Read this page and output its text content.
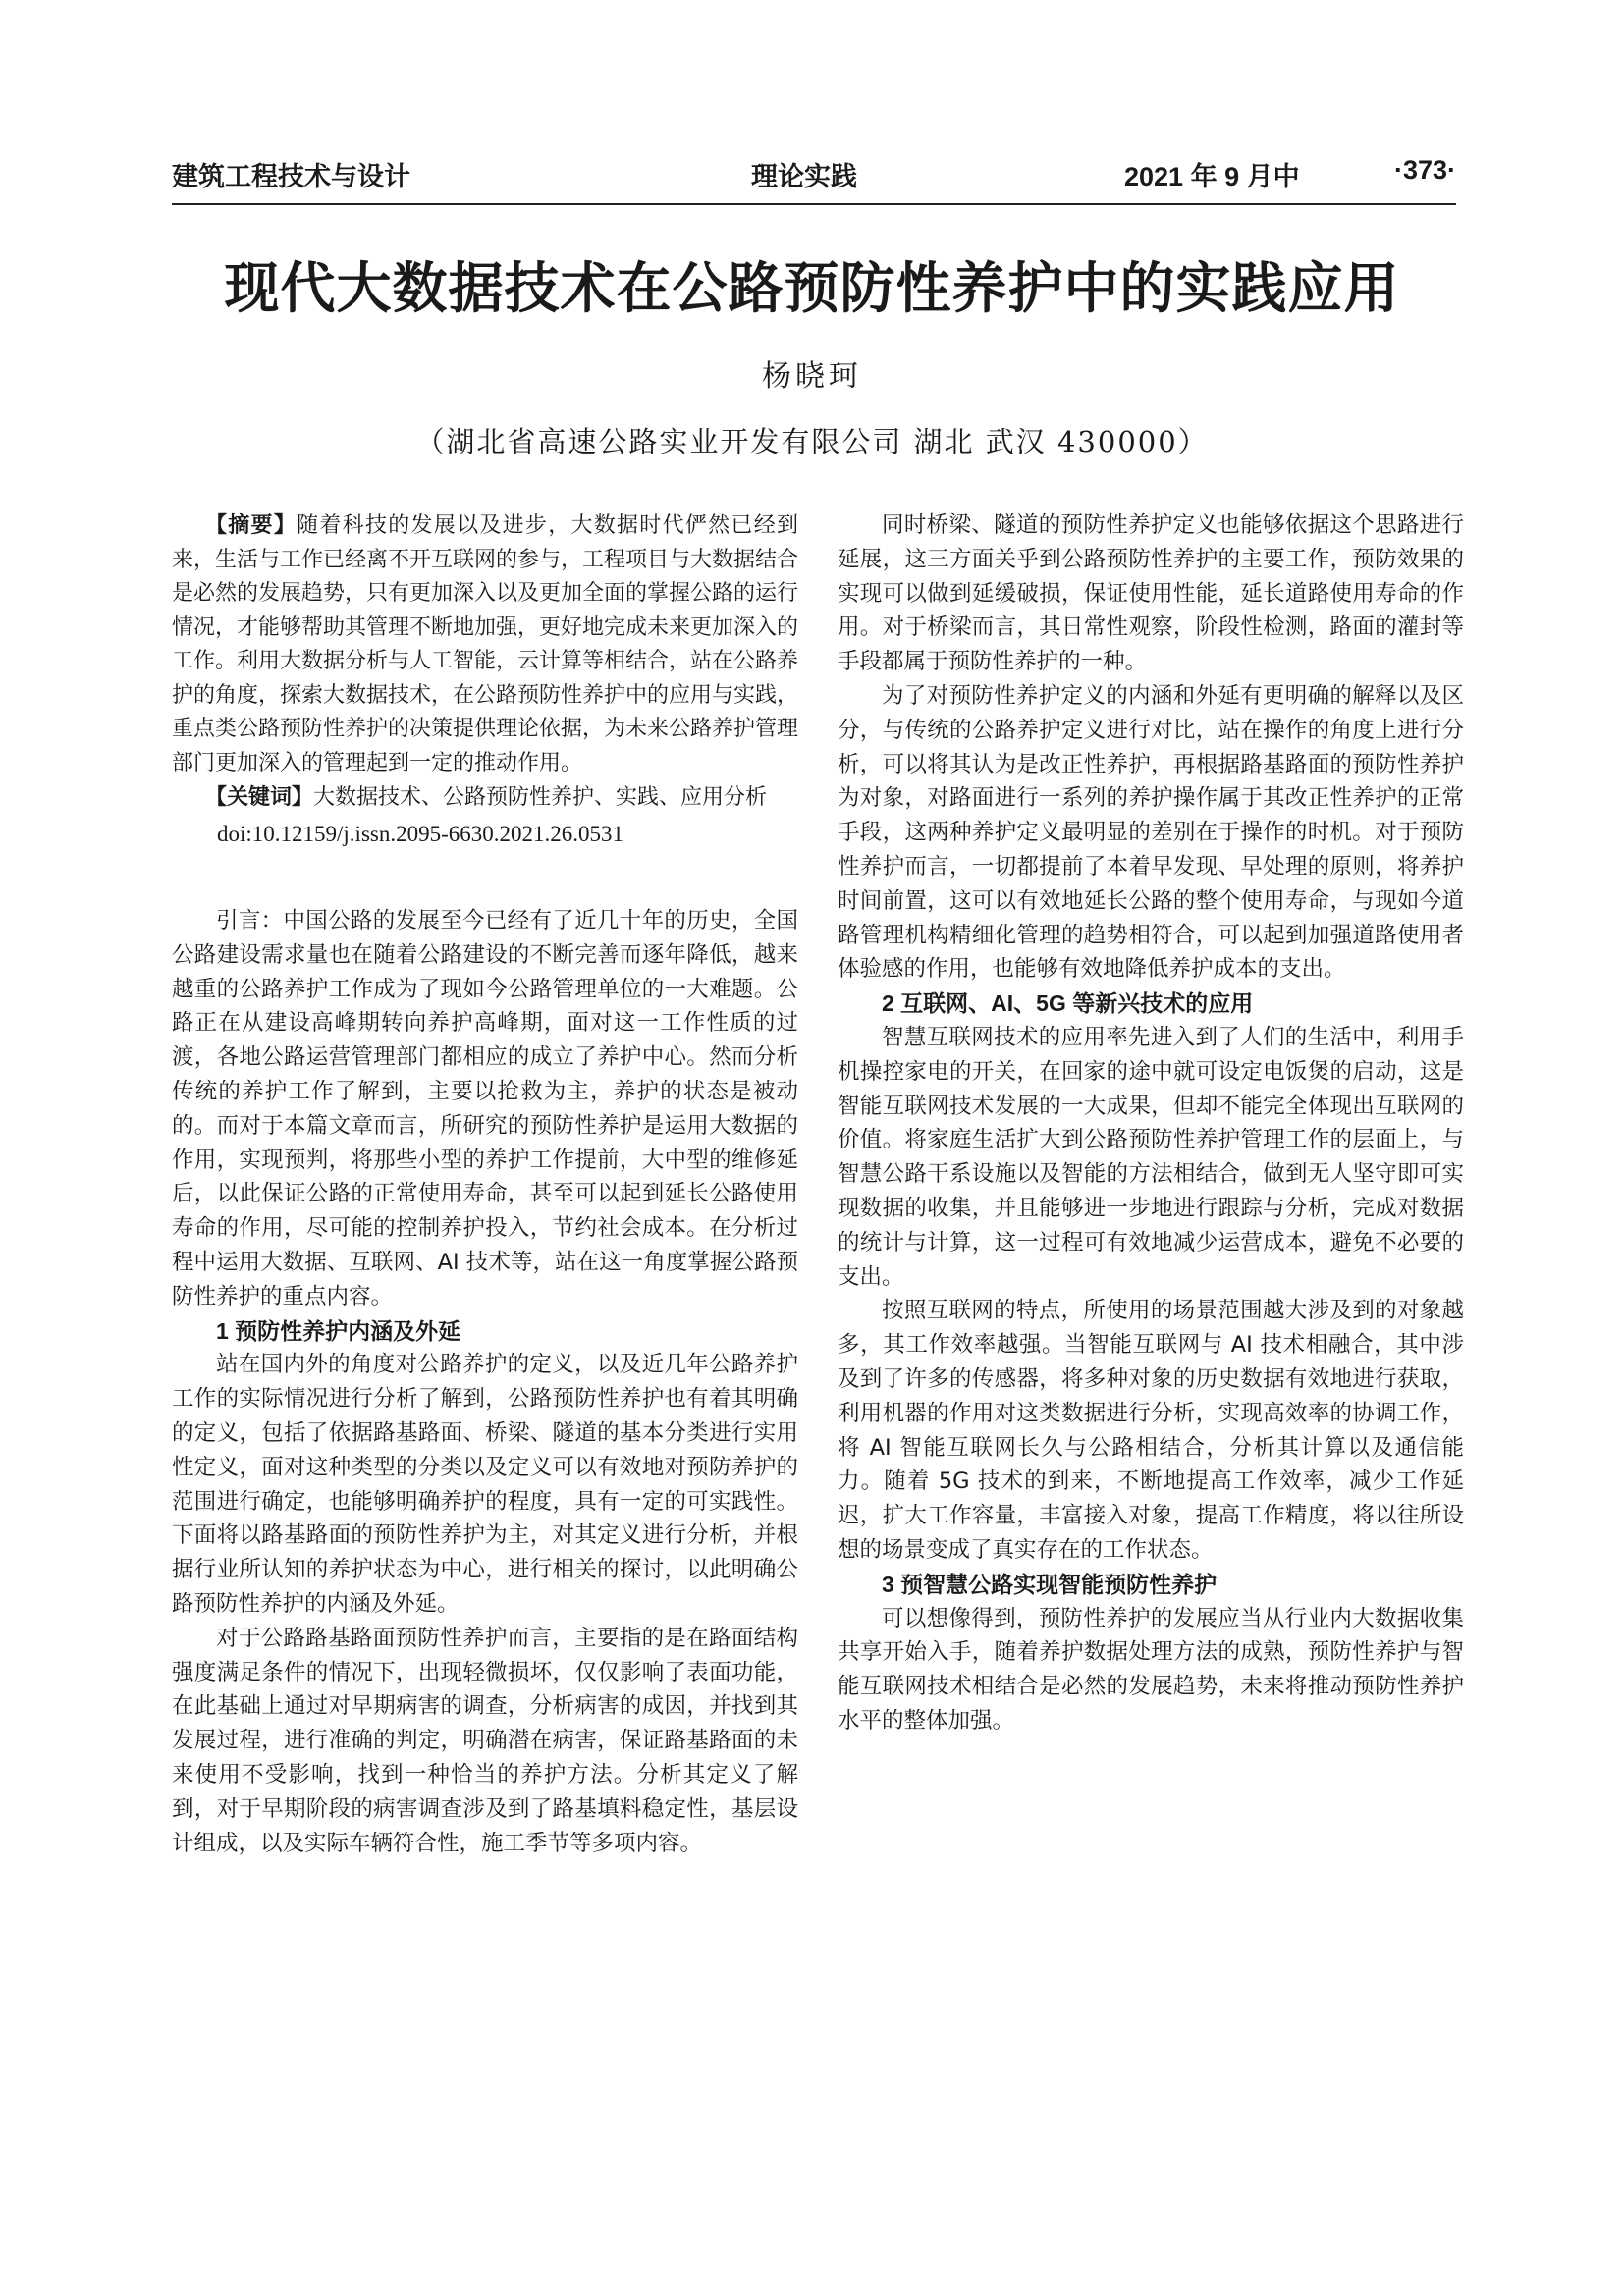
建筑工程技术与设计	理论实践	2021 年 9 月中	·373·
现代大数据技术在公路预防性养护中的实践应用
杨晓珂
（湖北省高速公路实业开发有限公司 湖北 武汉 430000）

【摘要】随着科技的发展以及进步，大数据时代俨然已经到来，生活与工作已经离不开互联网的参与，工程项目与大数据结合是必然的发展趋势，只有更加深入以及更加全面的掌握公路的运行情况，才能够帮助其管理不断地加强，更好地完成未来更加深入的工作。利用大数据分析与人工智能，云计算等相结合，站在公路养护的角度，探索大数据技术，在公路预防性养护中的应用与实践，重点类公路预防性养护的决策提供理论依据，为未来公路养护管理部门更加深入的管理起到一定的推动作用。

【关键词】大数据技术、公路预防性养护、实践、应用分析

doi:10.12159/j.issn.2095-6630.2021.26.0531

引言：中国公路的发展至今已经有了近几十年的历史，全国公路建设需求量也在随着公路建设的不断完善而逐年降低，越来越重的公路养护工作成为了现如今公路管理单位的一大难题。公路正在从建设高峰期转向养护高峰期，面对这一工作性质的过渡，各地公路运营管理部门都相应的成立了养护中心。然而分析传统的养护工作了解到，主要以抢救为主，养护的状态是被动的。而对于本篇文章而言，所研究的预防性养护是运用大数据的作用，实现预判，将那些小型的养护工作提前，大中型的维修延后，以此保证公路的正常使用寿命，甚至可以起到延长公路使用寿命的作用，尽可能的控制养护投入，节约社会成本。在分析过程中运用大数据、互联网、AI 技术等，站在这一角度掌握公路预防性养护的重点内容。

1 预防性养护内涵及外延

站在国内外的角度对公路养护的定义，以及近几年公路养护工作的实际情况进行分析了解到，公路预防性养护也有着其明确的定义，包括了依据路基路面、桥梁、隧道的基本分类进行实用性定义，面对这种类型的分类以及定义可以有效地对预防养护的范围进行确定，也能够明确养护的程度，具有一定的可实践性。下面将以路基路面的预防性养护为主，对其定义进行分析，并根据行业所认知的养护状态为中心，进行相关的探讨，以此明确公路预防性养护的内涵及外延。

对于公路路基路面预防性养护而言，主要指的是在路面结构强度满足条件的情况下，出现轻微损坏，仅仅影响了表面功能，在此基础上通过对早期病害的调查，分析病害的成因，并找到其发展过程，进行准确的判定，明确潜在病害，保证路基路面的未来使用不受影响，找到一种恰当的养护方法。分析其定义了解到，对于早期阶段的病害调查涉及到了路基填料稳定性，基层设计组成，以及实际车辆符合性，施工季节等多项内容。

同时桥梁、隧道的预防性养护定义也能够依据这个思路进行延展，这三方面关乎到公路预防性养护的主要工作，预防效果的实现可以做到延缓破损，保证使用性能，延长道路使用寿命的作用。对于桥梁而言，其日常性观察，阶段性检测，路面的灌封等手段都属于预防性养护的一种。

为了对预防性养护定义的内涵和外延有更明确的解释以及区分，与传统的公路养护定义进行对比，站在操作的角度上进行分析，可以将其认为是改正性养护，再根据路基路面的预防性养护为对象，对路面进行一系列的养护操作属于其改正性养护的正常手段，这两种养护定义最明显的差别在于操作的时机。对于预防性养护而言，一切都提前了本着早发现、早处理的原则，将养护时间前置，这可以有效地延长公路的整个使用寿命，与现如今道路管理机构精细化管理的趋势相符合，可以起到加强道路使用者体验感的作用，也能够有效地降低养护成本的支出。

2 互联网、AI、5G 等新兴技术的应用

智慧互联网技术的应用率先进入到了人们的生活中，利用手机操控家电的开关，在回家的途中就可设定电饭煲的启动，这是智能互联网技术发展的一大成果，但却不能完全体现出互联网的价值。将家庭生活扩大到公路预防性养护管理工作的层面上，与智慧公路干系设施以及智能的方法相结合，做到无人坚守即可实现数据的收集，并且能够进一步地进行跟踪与分析，完成对数据的统计与计算，这一过程可有效地减少运营成本，避免不必要的支出。

按照互联网的特点，所使用的场景范围越大涉及到的对象越多，其工作效率越强。当智能互联网与 AI 技术相融合，其中涉及到了许多的传感器，将多种对象的历史数据有效地进行获取，利用机器的作用对这类数据进行分析，实现高效率的协调工作，将 AI 智能互联网长久与公路相结合，分析其计算以及通信能力。随着 5G 技术的到来，不断地提高工作效率，减少工作延迟，扩大工作容量，丰富接入对象，提高工作精度，将以往所设想的场景变成了真实存在的工作状态。

3 预智慧公路实现智能预防性养护

可以想像得到，预防性养护的发展应当从行业内大数据收集共享开始入手，随着养护数据处理方法的成熟，预防性养护与智能互联网技术相结合是必然的发展趋势，未来将推动预防性养护水平的整体加强。
